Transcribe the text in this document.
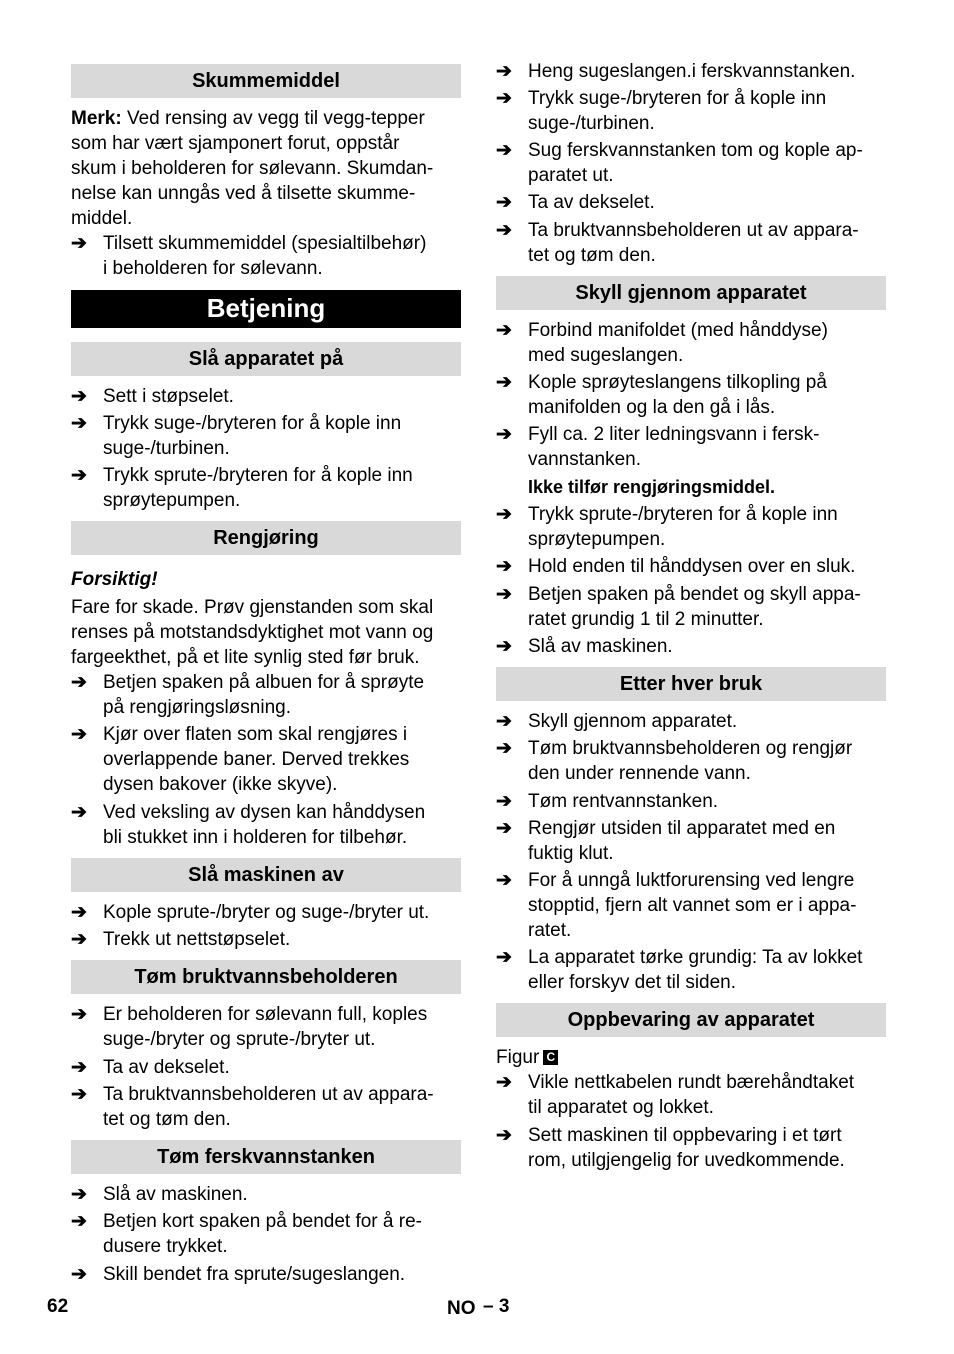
Skummemiddel
Merk: Ved rensing av vegg til vegg-tepper
som har vært sjamponert forut, oppstår
skum i beholderen for sølevann. Skumdan-
nelse kan unngås ved å tilsette skumme-
middel.
➔ Tilsett skummemiddel (spesialtilbehør)
i beholderen for sølevann.
Betjening
Slå apparatet på
➔ Sett i støpselet.
➔ Trykk suge-/bryteren for å kople inn
suge-/turbinen.
➔ Trykk sprute-/bryteren for å kople inn
sprøytepumpen.
Rengjøring
Forsiktig!
Fare for skade. Prøv gjenstanden som skal
renses på motstandsdyktighet mot vann og
fargeekthet, på et lite synlig sted før bruk.
➔ Betjen spaken på albuen for å sprøyte
på rengjøringsløsning.
➔ Kjør over flaten som skal rengjøres i
overlappende baner. Derved trekkes
dysen bakover (ikke skyve).
➔ Ved veksling av dysen kan hånddysen
bli stukket inn i holderen for tilbehør.
Slå maskinen av
➔ Kople sprute-/bryter og suge-/bryter ut.
➔ Trekk ut nettstøpselet.
Tøm bruktvannsbeholderen
➔ Er beholderen for sølevann full, koples
suge-/bryter og sprute-/bryter ut.
➔ Ta av dekselet.
➔ Ta bruktvannsbeholderen ut av appara-
tet og tøm den.
Tøm ferskvannstanken
➔ Slå av maskinen.
➔ Betjen kort spaken på bendet for å re-
dusere trykket.
➔ Skill bendet fra sprute/sugeslangen.
➔ Heng sugeslangen.i ferskvannstanken.
➔ Trykk suge-/bryteren for å kople inn
suge-/turbinen.
➔ Sug ferskvannstanken tom og kople ap-
paratet ut.
➔ Ta av dekselet.
➔ Ta bruktvannsbeholderen ut av appara-
tet og tøm den.
Skyll gjennom apparatet
➔ Forbind manifoldet (med hånddyse)
med sugeslangen.
➔ Kople sprøyteslangens tilkopling på
manifolden og la den gå i lås.
➔ Fyll ca. 2 liter ledningsvann i fersk-
vannstanken.
Ikke tilfør rengjøringsmiddel.
➔ Trykk sprute-/bryteren for å kople inn
sprøytepumpen.
➔ Hold enden til hånddysen over en sluk.
➔ Betjen spaken på bendet og skyll appa-
ratet grundig 1 til 2 minutter.
➔ Slå av maskinen.
Etter hver bruk
➔ Skyll gjennom apparatet.
➔ Tøm bruktvannsbeholderen og rengjør
den under rennende vann.
➔ Tøm rentvannstanken.
➔ Rengjør utsiden til apparatet med en
fuktig klut.
➔ For å unngå luktforurensing ved lengre
stopptid, fjern alt vannet som er i appa-
ratet.
➔ La apparatet tørke grundig: Ta av lokket
eller forskyv det til siden.
Oppbevaring av apparatet
Figur C
➔ Vikle nettkabelen rundt bærehåndtaket
til apparatet og lokket.
➔ Sett maskinen til oppbevaring i et tørt
rom, utilgjengelig for uvedkommende.
62	NO – 3
